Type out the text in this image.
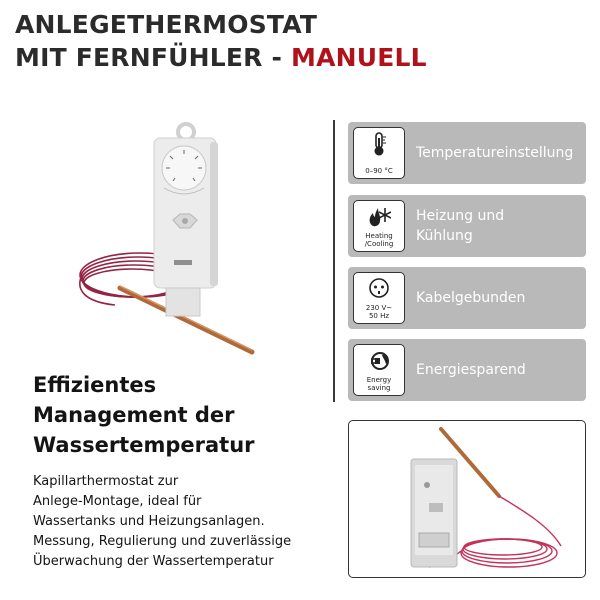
ANLEGETHERMOSTAT
MIT FERNFÜHLER - MANUELL
0–90 °C
Temperatureinstellung
Heating
/Cooling
Heizung und
Kühlung
230 V~
50 Hz
Kabelgebunden
Energy
saving
Energiesparend
Effizientes
Management der
Wassertemperatur

Kapillarthermostat zur
Anlege-Montage, ideal für
Wassertanks und Heizungsanlagen.
Messung, Regulierung und zuverlässige
Überwachung der Wassertemperatur
